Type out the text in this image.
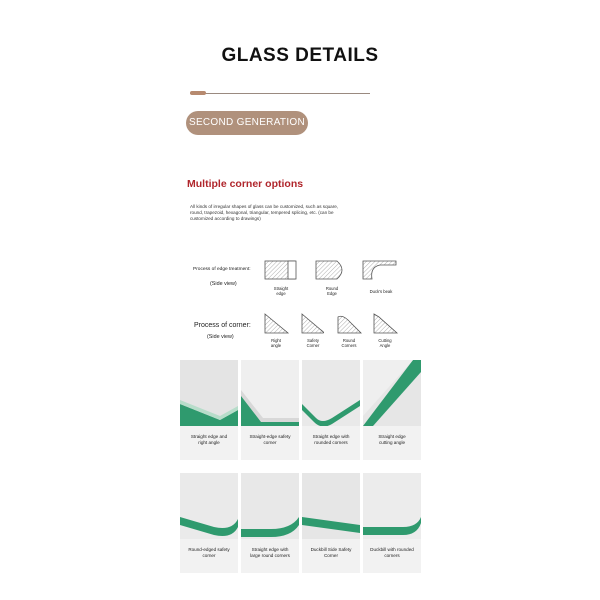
GLASS DETAILS
SECOND GENERATION
Multiple corner options
All kinds of irregular shapes of glass can be customized, such as square, round, trapezoid, hexagonal, triangular, tempered splicing, etc. (can be customized according to drawings)
Process of edge treatment:
(Side view)
Straight
edge
Round
Edge	Duck's beak
Process of corner:
(Side view)
Right
angle
Safety
Corner
Round
Corners
Cutting
Angle
Straight edge and
right angle
Straight-edge safety
corner
Straight edge with
rounded corners
Straight edge
cutting angle
Round-edged safety
corner
Straight edge with
large round corners
Duckbill Side Safety
Corner
Duckbill with rounded
corners
